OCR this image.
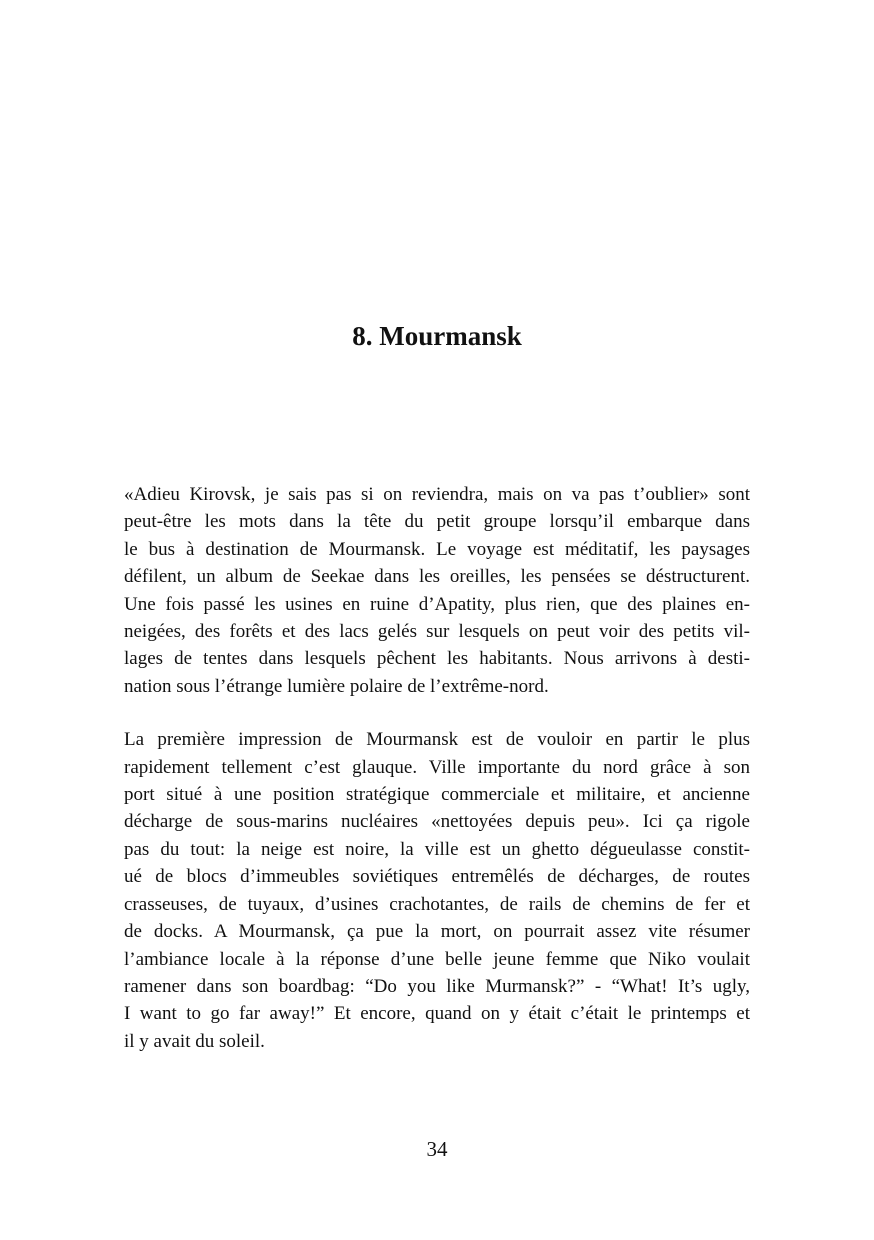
8. Mourmansk

«Adieu Kirovsk, je sais pas si on reviendra, mais on va pas t’oublier» sont
peut-être les mots dans la tête du petit groupe lorsqu’il embarque dans
le bus à destination de Mourmansk. Le voyage est méditatif, les paysages
défilent, un album de Seekae dans les oreilles, les pensées se déstructurent.
Une fois passé les usines en ruine d’Apatity, plus rien, que des plaines en-
neigées, des forêts et des lacs gelés sur lesquels on peut voir des petits vil-
lages de tentes dans lesquels pêchent les habitants. Nous arrivons à desti-
nation sous l’étrange lumière polaire de l’extrême-nord.

La première impression de Mourmansk est de vouloir en partir le plus
rapidement tellement c’est glauque. Ville importante du nord grâce à son
port situé à une position stratégique commerciale et militaire, et ancienne
décharge de sous-marins nucléaires «nettoyées depuis peu». Ici ça rigole
pas du tout: la neige est noire, la ville est un ghetto dégueulasse constit-
ué de blocs d’immeubles soviétiques entremêlés de décharges, de routes
crasseuses, de tuyaux, d’usines crachotantes, de rails de chemins de fer et
de docks. A Mourmansk, ça pue la mort, on pourrait assez vite résumer
l’ambiance locale à la réponse d’une belle jeune femme que Niko voulait
ramener dans son boardbag: “Do you like Murmansk?” - “What! It’s ugly,
I want to go far away!” Et encore, quand on y était c’était le printemps et
il y avait du soleil.

34
